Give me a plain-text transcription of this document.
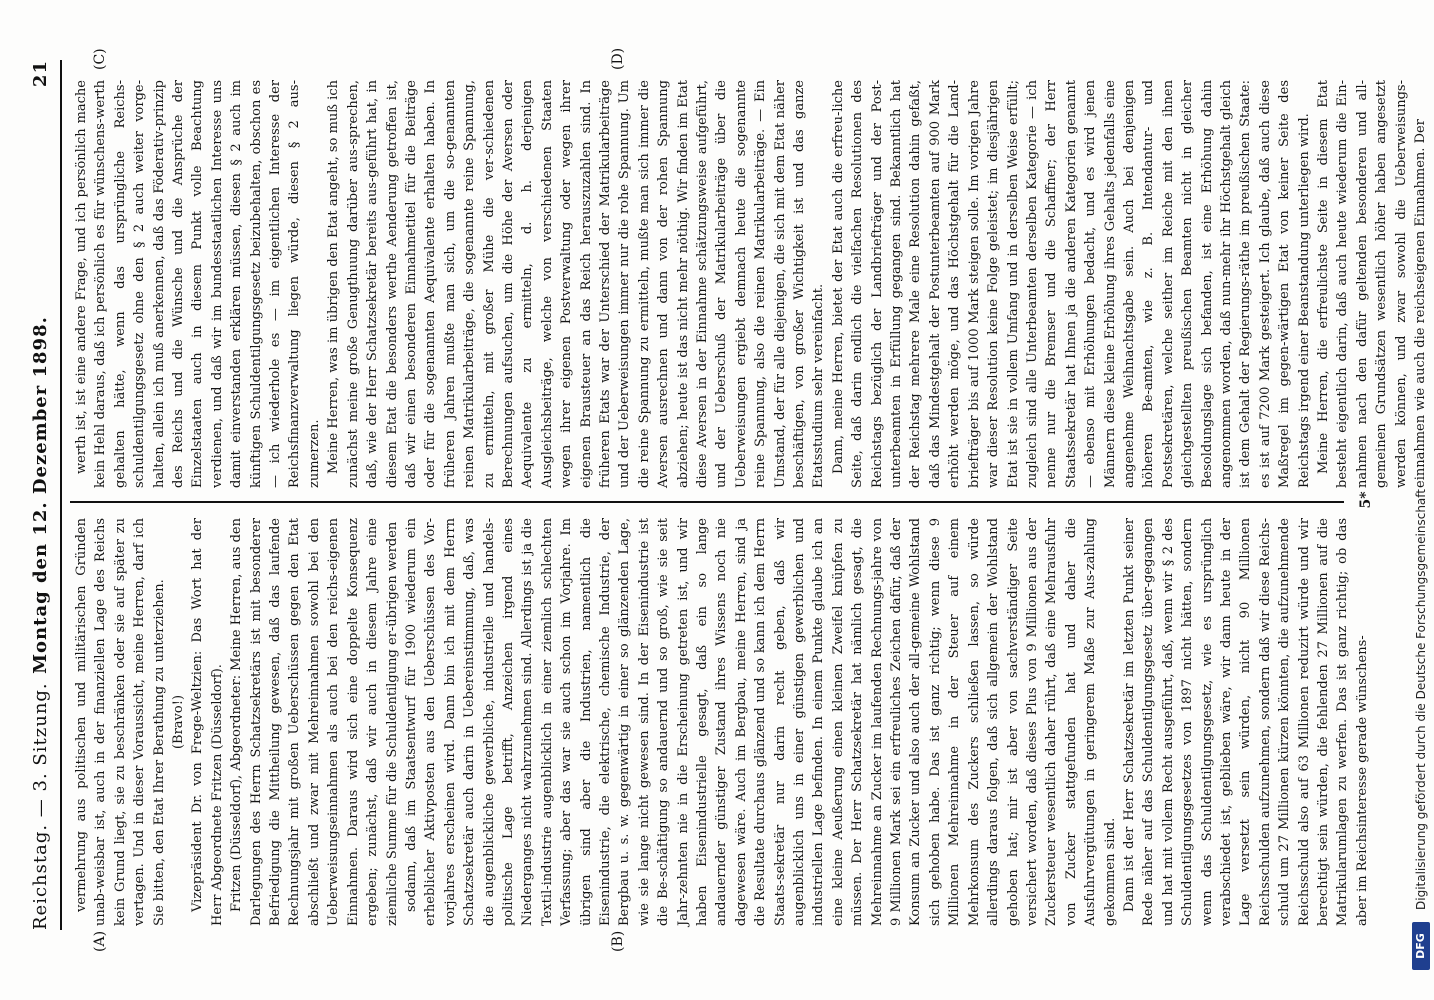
Reichstag. — 3. Sitzung.
Montag den 12. Dezember 1898.
21
(A)	(B)
(C)	(D)

vermehrung aus politischen und militärischen Gründen unab-weisbar ist, auch in der finanziellen Lage des Reichs kein Grund liegt, sie zu beschränken oder sie auf später zu vertagen. Und in dieser Voraussicht, meine Herren, darf ich Sie bitten, den Etat Ihrer Berathung zu unterziehen. (Bravo!) Vizepräsident Dr. von Frege-Weltzien: Das Wort hat der Herr Abgeordnete Fritzen (Düsseldorf). Fritzen (Düsseldorf), Abgeordneter: Meine Herren, aus den Darlegungen des Herrn Schatzsekretärs ist mit besonderer Befriedigung die Mittheilung gewesen, daß das laufende Rechnungsjahr mit großen Ueberschüssen gegen den Etat abschließt und zwar mit Mehreinnahmen sowohl bei den Ueberweisungseinnahmen als auch bei den reichs-eigenen Einnahmen. Daraus wird sich eine doppelte Konsequenz ergeben; zunächst, daß wir auch in diesem Jahre eine ziemliche Summe für die Schuldentilgung er-übrigen werden sodann, daß im Staatsentwurf für 1900 wiederum ein erheblicher Aktivposten aus den Ueberschüssen des Vor-vorjahres erscheinen wird. Dann bin ich mit dem Herrn Schatzsekretär auch darin in Uebereinstimmung, daß, was die augenblickliche gewerbliche, industrielle und handels-politische Lage betrifft, Anzeichen irgend eines Niederganges nicht wahrzunehmen sind. Allerdings ist ja die Textil-industrie augenblicklich in einer ziemlich schlechten Verfassung; aber das war sie auch schon im Vorjahre. Im übrigen sind aber die Industrien, namentlich die Eisenindustrie, die elektrische, chemische Industrie, der Bergbau u. s. w. gegenwärtig in einer so glänzenden Lage, wie sie lange nicht gewesen sind. In der Eisenindustrie ist die Be-schäftigung so andauernd und so groß, wie sie seit Jahr-zehnten nie in die Erscheinung getreten ist, und wir haben Eisenindustrielle gesagt, daß ein so lange andauernder günstiger Zustand ihres Wissens noch nie dagewesen wäre. Auch im Bergbau, meine Herren, sind ja die Resultate durchaus glänzend und so kann ich dem Herrn Staats-sekretär nur darin recht geben, daß wir augenblicklich uns in einer günstigen gewerblichen und industriellen Lage befinden. In einem Punkte glaube ich an eine kleine Aeußerung einen kleinen Zweifel knüpfen zu müssen. Der Herr Schatzsekretär hat nämlich gesagt, die Mehreinnahme an Zucker im laufenden Rechnungs-jahre von 9 Millionen Mark sei ein erfreuliches Zeichen dafür, daß der Konsum an Zucker und also auch der all-gemeine Wohlstand sich gehoben habe. Das ist ganz richtig; wenn diese 9 Millionen Mehreinnahme in der Steuer auf einem Mehrkonsum des Zuckers schließen lassen, so würde allerdings daraus folgen, daß sich allgemein der Wohlstand gehoben hat; mir ist aber von sachverständiger Seite versichert worden, daß dieses Plus von 9 Millionen aus der Zuckersteuer wesentlich daher rührt, daß eine Mehrausfuhr von Zucker stattgefunden hat und daher die Ausfuhrvergütungen in geringerem Maße zur Aus-zahlung gekommen sind. Dann ist der Herr Schatzsekretär im letzten Punkt seiner Rede näher auf das Schuldentilgungsgesetz über-gegangen und hat mit vollem Recht ausgeführt, daß, wenn wir § 2 des Schuldentilgungsgesetzes von 1897 nicht hätten, sondern wenn das Schuldentilgungsgesetz, wie es ursprünglich verabschiedet ist, geblieben wäre, wir dann heute in der Lage versetzt sein würden, nicht 90 Millionen Reichsschulden aufzunehmen, sondern daß wir diese Reichs-schuld um 27 Millionen kürzen könnten, die aufzunehmende Reichsschuld also auf 63 Millionen reduzirt würde und wir berechtigt sein würden, die fehlenden 27 Millionen auf die Matrikularumlagen zu werfen. Das ist ganz richtig; ob das aber im Reichsinteresse gerade wünschens-

werth ist, ist eine andere Frage, und ich persönlich mache kein Hehl daraus, daß ich persönlich es für wünschens-werth gehalten hätte, wenn das ursprüngliche Reichs-schuldentilgungsgesetz ohne den § 2 auch weiter vorge-halten, allein ich muß anerkennen, daß das Föderativ-prinzip des Reichs und die Wünsche und die Ansprüche der Einzelstaaten auch in diesem Punkt volle Beachtung verdienen, und daß wir im bundesstaatlichen Interesse uns damit einverstanden erklären müssen, diesen § 2 auch im künftigen Schuldentilgungsgesetz beizubehalten, obschon es — ich wiederhole es — im eigentlichen Interesse der Reichsfinanzverwaltung liegen würde, diesen § 2 aus-zumerzen. Meine Herren, was im übrigen den Etat angeht, so muß ich zunächst meine große Genugthuung darüber aus-sprechen, daß, wie der Herr Schatzsekretär bereits aus-geführt hat, in diesem Etat die besonders werthe Aenderung getroffen ist, daß wir einen besonderen Einnahmetitel für die Beiträge oder für die sogenannten Aequivalente erhalten haben. In früheren Jahren mußte man sich, um die so-genannten reinen Matrikularbeiträge, die sogenannte reine Spannung, zu ermitteln, mit großer Mühe die ver-schiedenen Berechnungen aufsuchen, um die Höhe der Aversen oder Aequivalente zu ermitteln, d. h. derjenigen Ausgleichsbeiträge, welche von verschiedenen Staaten wegen ihrer eigenen Postverwaltung oder wegen ihrer eigenen Brausteuer an das Reich herauszuzahlen sind. In früheren Etats war der Unterschied der Matrikularbeiträge und der Ueberweisungen immer nur die rohe Spannung. Um die reine Spannung zu ermitteln, mußte man sich immer die Aversen ausrechnen und dann von der rohen Spannung abziehen; heute ist das nicht mehr nöthig. Wir finden im Etat diese Aversen in der Einnahme schätzungsweise aufgeführt, und der Ueberschuß der Matrikularbeiträge über die Ueberweisungen ergiebt demnach heute die sogenannte reine Spannung, also die reinen Matrikularbeiträge. — Ein Umstand, der für alle diejenigen, die sich mit dem Etat näher beschäftigen, von großer Wichtigkeit ist und das ganze Etatsstudium sehr vereinfacht. Dann, meine Herren, bietet der Etat auch die erfreu-liche Seite, daß darin endlich die vielfachen Resolutionen des Reichstags bezüglich der Landbriefträger und der Post-unterbeamten in Erfüllung gegangen sind. Bekanntlich hat der Reichstag mehrere Male eine Resolution dahin gefaßt, daß das Mindestgehalt der Postunterbeamten auf 900 Mark erhöht werden möge, und das Höchstgehalt für die Land-briefträger bis auf 1000 Mark steigen solle. Im vorigen Jahre war dieser Resolution keine Folge geleistet; im diesjährigen Etat ist sie in vollem Umfang und in derselben Weise erfüllt; zugleich sind alle Unterbeamten derselben Kategorie — ich nenne nur die Bremser und die Schaffner; der Herr Staatssekretär hat Ihnen ja die anderen Kategorien genannt — ebenso mit Erhöhungen bedacht, und es wird jenen Männern diese kleine Erhöhung ihres Gehalts jedenfalls eine angenehme Weihnachtsgabe sein. Auch bei denjenigen höheren Be-amten, wie z. B. Intendantur- und Postsekretären, welche seither im Reiche mit den ihnen gleichgestellten preußischen Beamten nicht in gleicher Besoldungslage sich befanden, ist eine Erhöhung dahin angenommen worden, daß nun-mehr ihr Höchstgehalt gleich ist dem Gehalt der Regierungs-räthe im preußischen Staate: es ist auf 7200 Mark gesteigert. Ich glaube, daß auch diese Maßregel im gegen-wärtigen Etat von keiner Seite des Reichstags irgend einer Beanstandung unterliegen wird. Meine Herren, die erfreulichste Seite in diesem Etat besteht eigentlich darin, daß auch heute wiederum die Ein-nahmen nach den dafür geltenden besonderen und all-gemeinen Grundsätzen wesentlich höher haben angesetzt werden können, und zwar sowohl die Ueberweisungs-einnahmen wie auch die reichseigenen Einnahmen. Der

5*
DFG
Digitalisierung gefördert durch die Deutsche Forschungsgemeinschaft
